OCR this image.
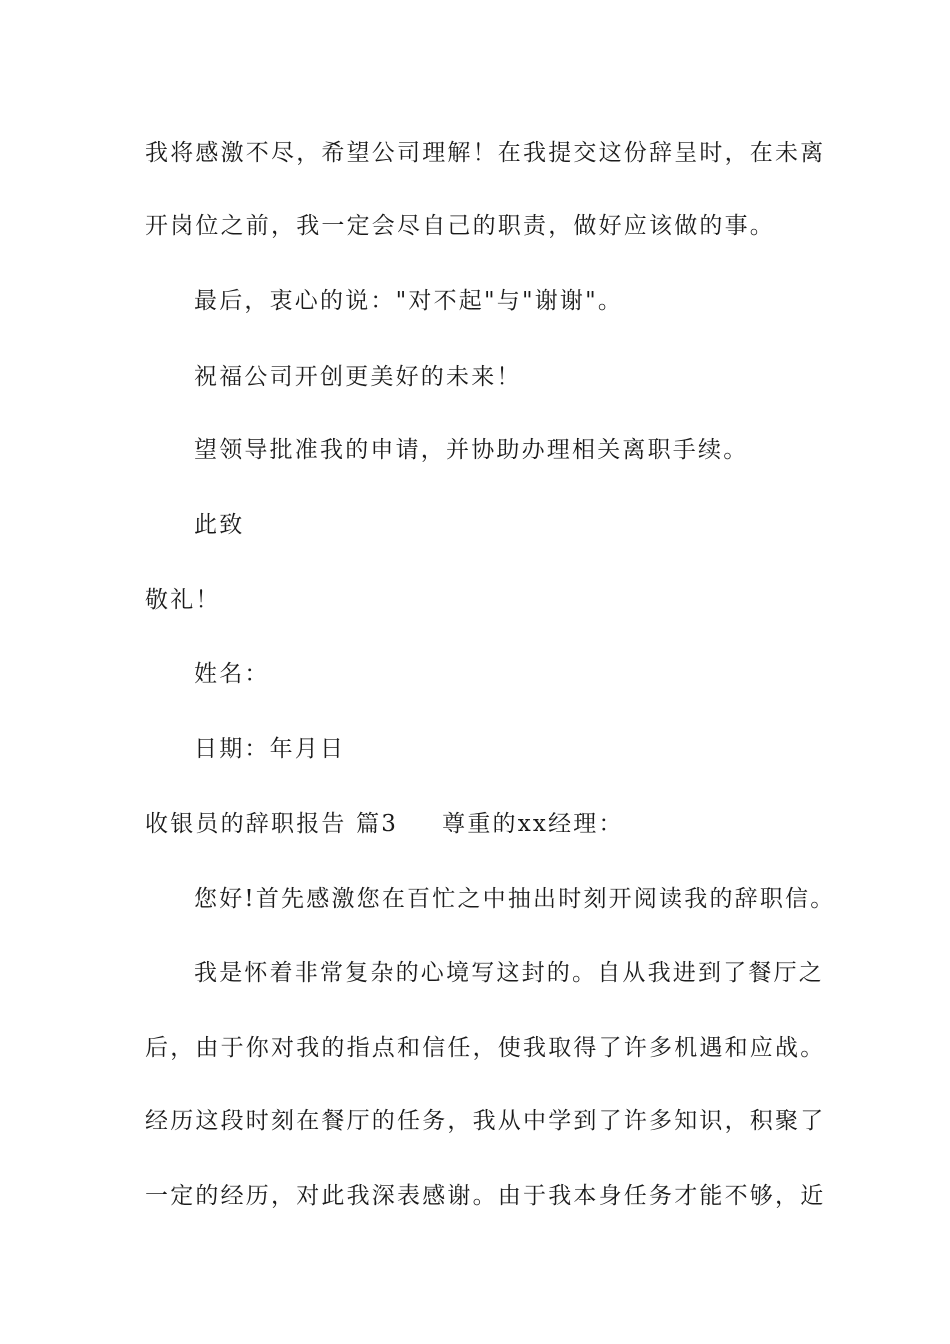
我将感激不尽，希望公司理解！在我提交这份辞呈时，在未离
开岗位之前，我一定会尽自己的职责，做好应该做的事。
最后，衷心的说："对不起"与"谢谢"。
祝福公司开创更美好的未来！
望领导批准我的申请，并协助办理相关离职手续。
此致
敬礼！
姓名：
日期：年月日
收银员的辞职报告 篇3 尊重的xx经理：
您好!首先感激您在百忙之中抽出时刻开阅读我的辞职信。
我是怀着非常复杂的心境写这封的。自从我进到了餐厅之
后，由于你对我的指点和信任，使我取得了许多机遇和应战。
经历这段时刻在餐厅的任务，我从中学到了许多知识，积聚了
一定的经历，对此我深表感谢。由于我本身任务才能不够，近
